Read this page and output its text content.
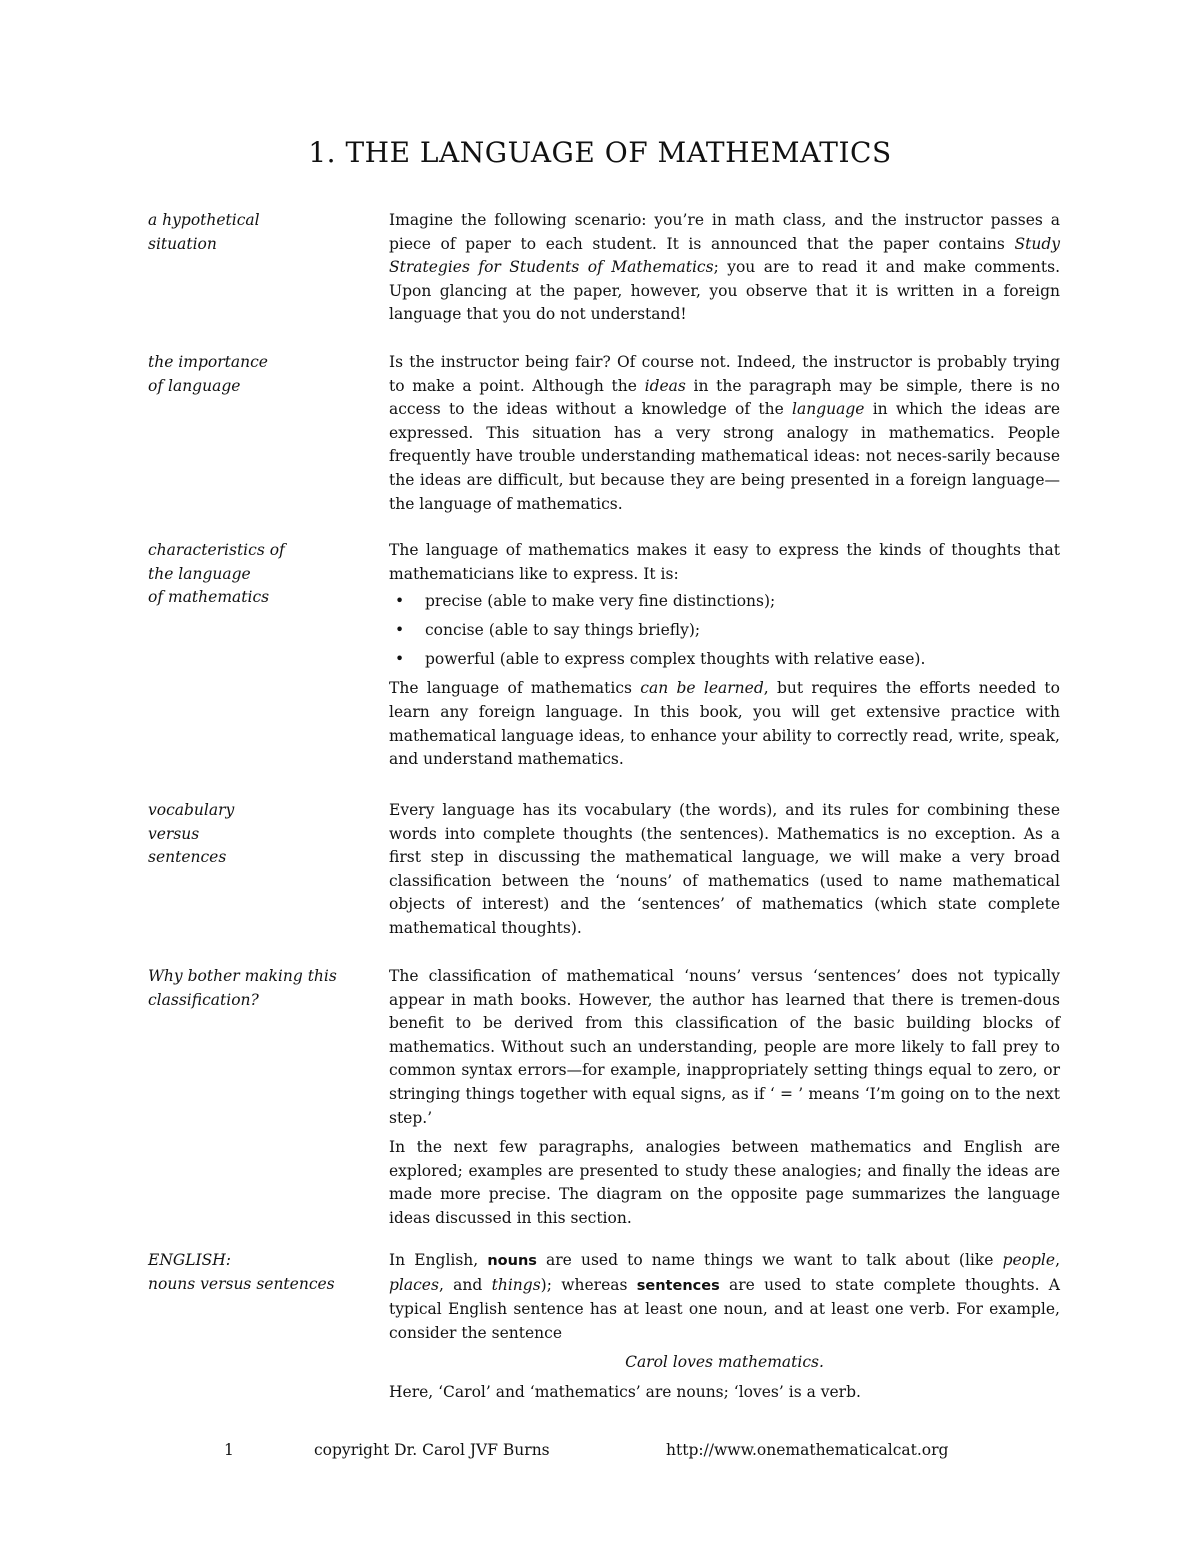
1. THE LANGUAGE OF MATHEMATICS
a hypothetical
situation

Imagine the following scenario: you’re in math class, and the instructor passes a piece of paper to each student. It is announced that the paper contains Study Strategies for Students of Mathematics; you are to read it and make comments. Upon glancing at the paper, however, you observe that it is written in a foreign language that you do not understand!

the importance
of language

Is the instructor being fair? Of course not. Indeed, the instructor is probably trying to make a point. Although the ideas in the paragraph may be simple, there is no access to the ideas without a knowledge of the language in which the ideas are expressed. This situation has a very strong analogy in mathematics. People frequently have trouble understanding mathematical ideas: not neces-sarily because the ideas are difficult, but because they are being presented in a foreign language—the language of mathematics.

characteristics of
the language
of mathematics

The language of mathematics makes it easy to express the kinds of thoughts that mathematicians like to express. It is:

• precise (able to make very fine distinctions);
• concise (able to say things briefly);
• powerful (able to express complex thoughts with relative ease).

The language of mathematics can be learned, but requires the efforts needed to learn any foreign language. In this book, you will get extensive practice with mathematical language ideas, to enhance your ability to correctly read, write, speak, and understand mathematics.

vocabulary
versus
sentences

Every language has its vocabulary (the words), and its rules for combining these words into complete thoughts (the sentences). Mathematics is no exception. As a first step in discussing the mathematical language, we will make a very broad classification between the ‘nouns’ of mathematics (used to name mathematical objects of interest) and the ‘sentences’ of mathematics (which state complete mathematical thoughts).

Why bother making this
classification?

The classification of mathematical ‘nouns’ versus ‘sentences’ does not typically appear in math books. However, the author has learned that there is tremen-dous benefit to be derived from this classification of the basic building blocks of mathematics. Without such an understanding, people are more likely to fall prey to common syntax errors—for example, inappropriately setting things equal to zero, or stringing things together with equal signs, as if ‘ = ’ means ‘I’m going on to the next step.’

In the next few paragraphs, analogies between mathematics and English are explored; examples are presented to study these analogies; and finally the ideas are made more precise. The diagram on the opposite page summarizes the language ideas discussed in this section.

ENGLISH:
nouns versus sentences

In English, nouns are used to name things we want to talk about (like people, places, and things); whereas sentences are used to state complete thoughts. A typical English sentence has at least one noun, and at least one verb. For example, consider the sentence

Carol loves mathematics.

Here, ‘Carol’ and ‘mathematics’ are nouns; ‘loves’ is a verb.

1	copyright Dr. Carol JVF Burns	http://www.onemathematicalcat.org
